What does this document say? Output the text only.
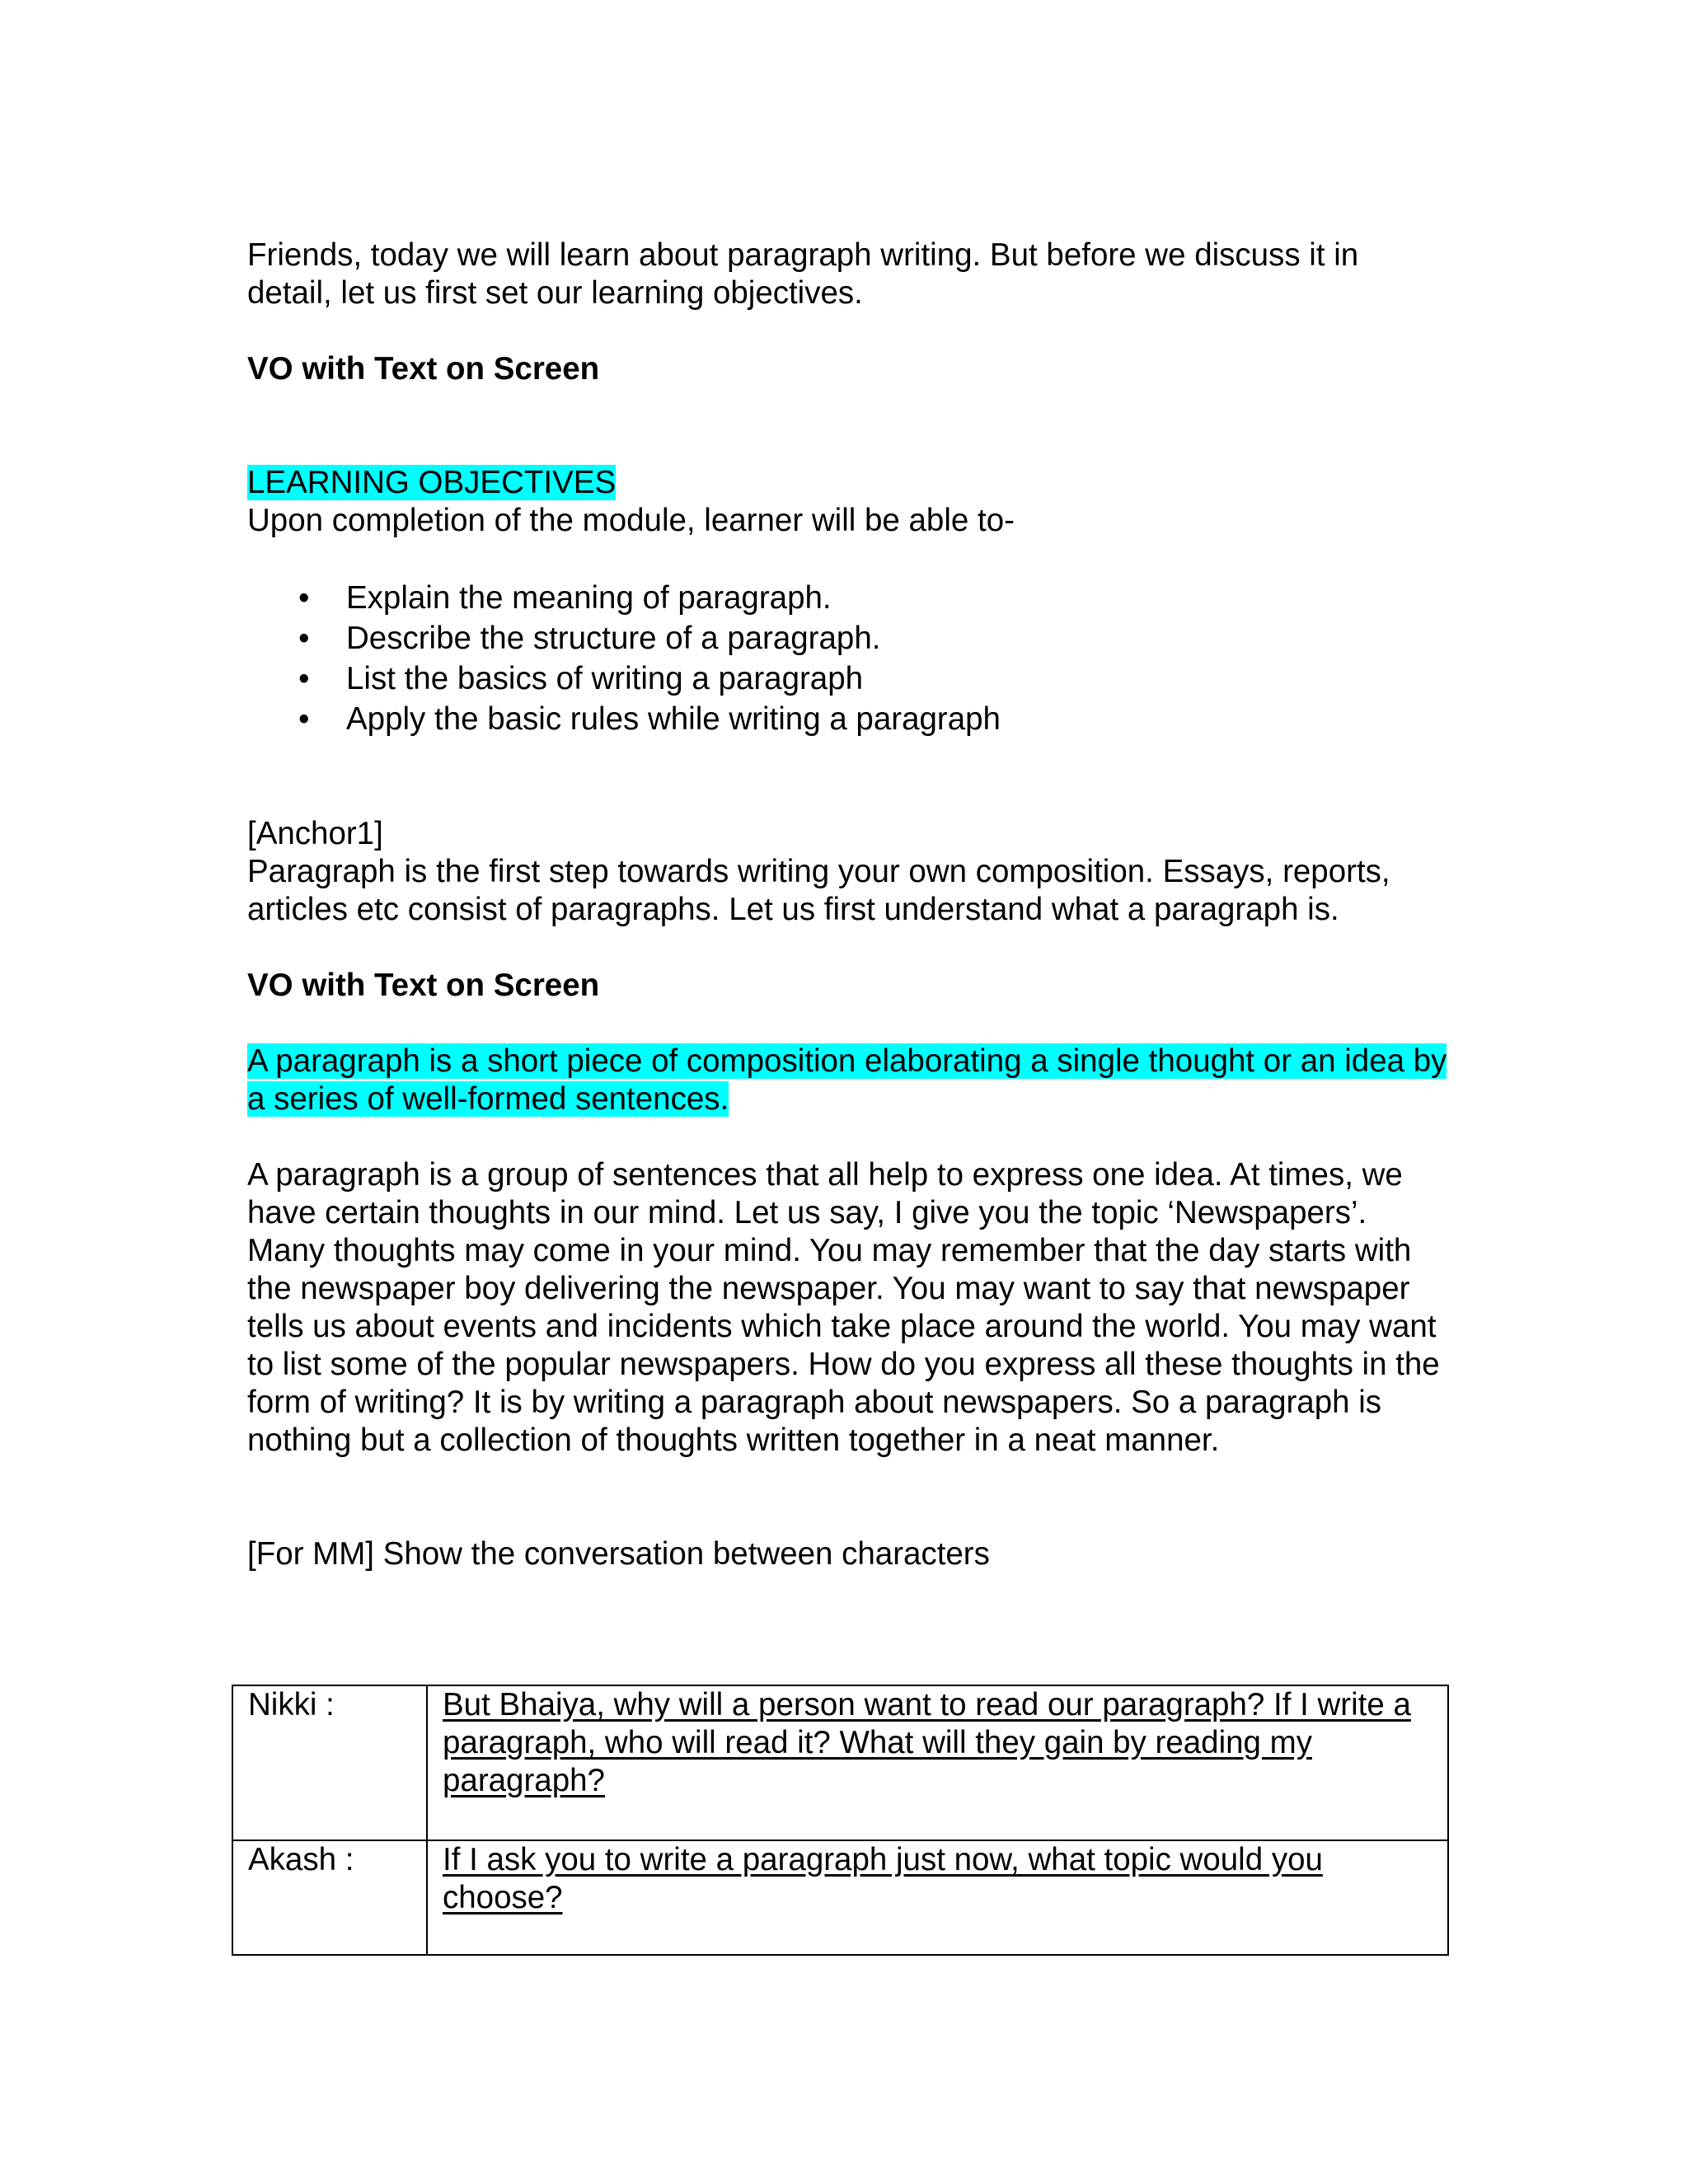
Friends, today we will learn about paragraph writing. But before we discuss it in detail, let us first set our learning objectives.

VO with Text on Screen

LEARNING OBJECTIVES

Upon completion of the module, learner will be able to-

• Explain the meaning of paragraph.
• Describe the structure of a paragraph.
• List the basics of writing a paragraph
• Apply the basic rules while writing a paragraph

[Anchor1]

Paragraph is the first step towards writing your own composition. Essays, reports, articles etc consist of paragraphs. Let us first understand what a paragraph is.

VO with Text on Screen

A paragraph is a short piece of composition elaborating a single thought or an idea by a series of well-formed sentences.

A paragraph is a group of sentences that all help to express one idea. At times, we have certain thoughts in our mind. Let us say, I give you the topic ‘Newspapers’. Many thoughts may come in your mind. You may remember that the day starts with the newspaper boy delivering the newspaper. You may want to say that newspaper tells us about events and incidents which take place around the world. You may want to list some of the popular newspapers. How do you express all these thoughts in the form of writing? It is by writing a paragraph about newspapers. So a paragraph is nothing but a collection of thoughts written together in a neat manner.

[For MM] Show the conversation between characters

Nikki :	But Bhaiya, why will a person want to read our paragraph? If I write a paragraph, who will read it? What will they gain by reading my paragraph?
Akash :	If I ask you to write a paragraph just now, what topic would you choose?
